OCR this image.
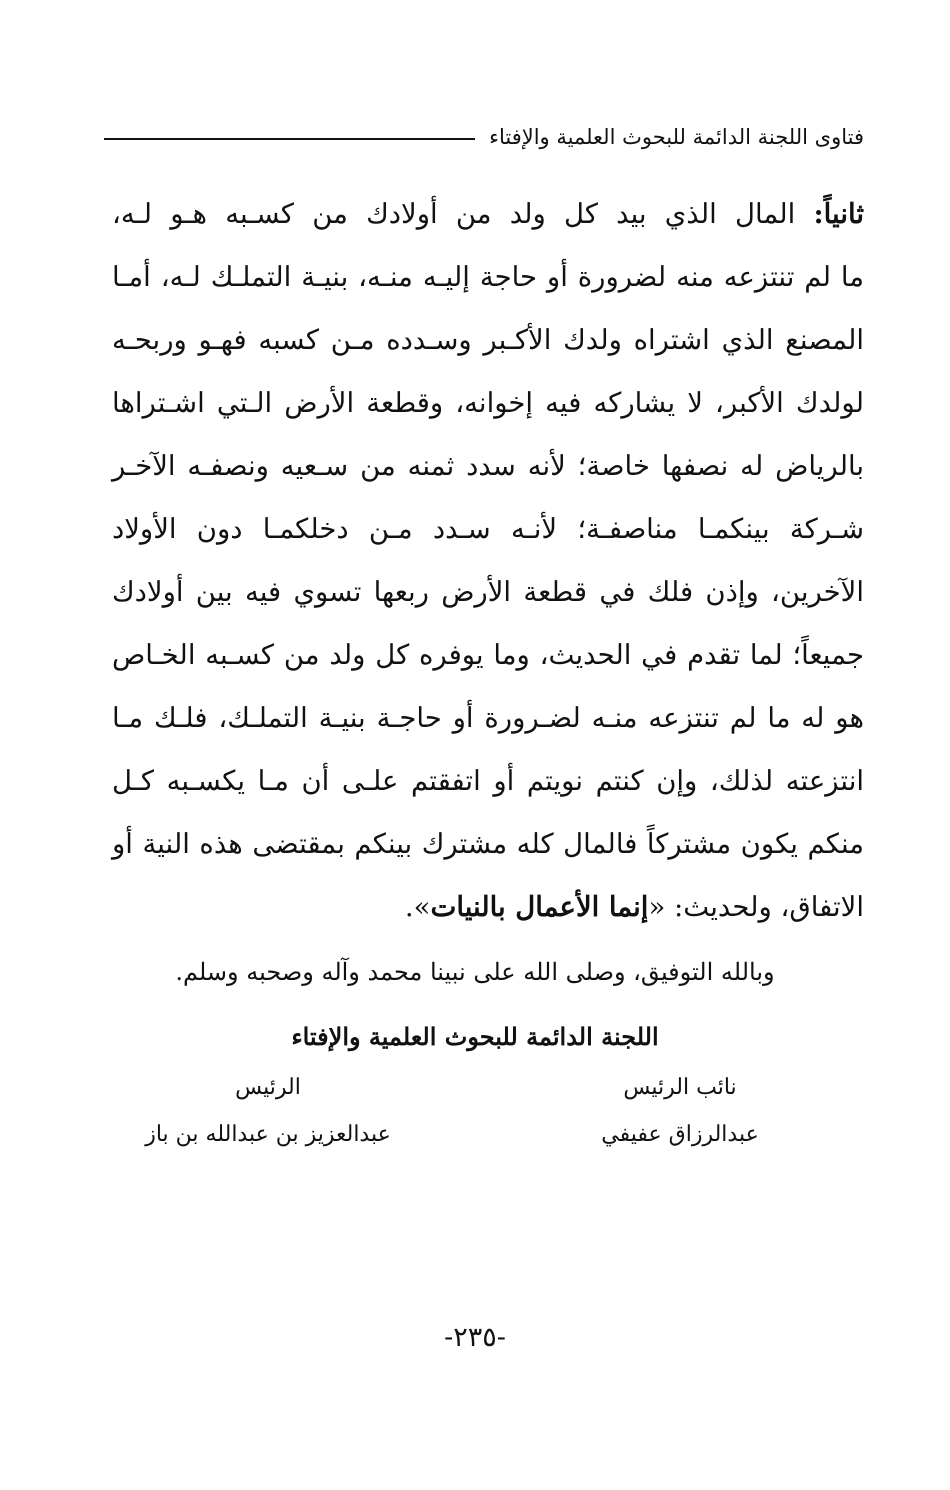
فتاوى اللجنة الدائمة للبحوث العلمية والإفتاء
ثانياً: المال الذي بيد كل ولد من أولادك من كسـبه هـو لـه،
ما لم تنتزعه منه لضرورة أو حاجة إليـه منـه، بنيـة التملـك لـه، أمـا
المصنع الذي اشتراه ولدك الأكـبر وسـدده مـن كسبه فهـو وربحـه
لولدك الأكبر، لا يشاركه فيه إخوانه، وقطعة الأرض الـتي اشـتراها
بالرياض له نصفها خاصة؛ لأنه سدد ثمنه من سـعيه ونصفـه الآخـر
شـركة بينكمـا مناصفـة؛ لأنـه سـدد مـن دخلكمـا دون الأولاد
الآخرين، وإذن فلك في قطعة الأرض ربعها تسوي فيه بين أولادك
جميعاً؛ لما تقدم في الحديث، وما يوفره كل ولد من كسـبه الخـاص
هو له ما لم تنتزعه منـه لضـرورة أو حاجـة بنيـة التملـك، فلـك مـا
انتزعته لذلك، وإن كنتم نويتم أو اتفقتم علـى أن مـا يكسـبه كـل
منكم يكون مشتركاً فالمال كله مشترك بينكم بمقتضى هذه النية أو
الاتفاق، ولحديث: «إنما الأعمال بالنيات».
وبالله التوفيق، وصلى الله على نبينا محمد وآله وصحبه وسلم.
اللجنة الدائمة للبحوث العلمية والإفتاء
نائب الرئيس
عبدالرزاق عفيفي
الرئيس
عبدالعزيز بن عبدالله بن باز
-٢٣٥-
